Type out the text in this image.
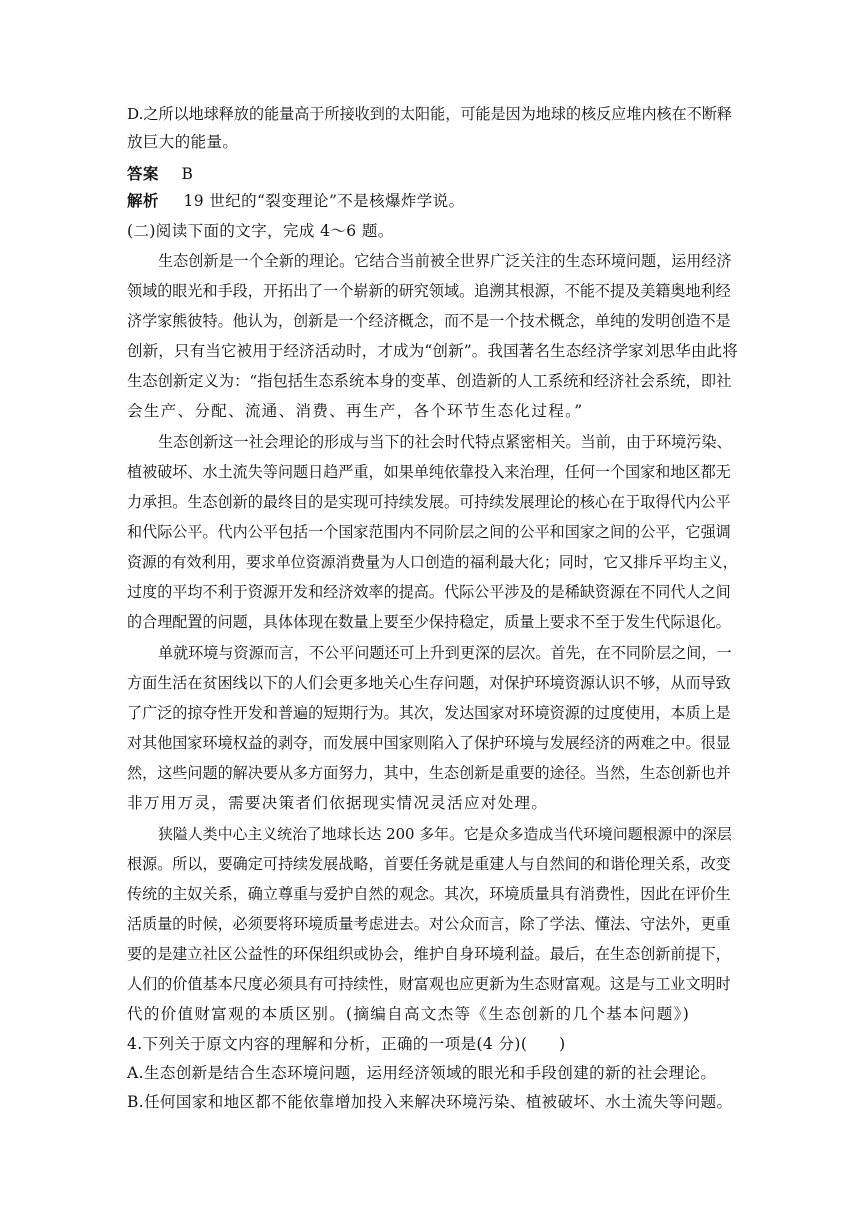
D.之所以地球释放的能量高于所接收到的太阳能，可能是因为地球的核反应堆内核在不断释
放巨大的能量。
答案 B
解析 19 世纪的“裂变理论”不是核爆炸学说。
(二)阅读下面的文字，完成 4～6 题。
生态创新是一个全新的理论。它结合当前被全世界广泛关注的生态环境问题，运用经济
领域的眼光和手段，开拓出了一个崭新的研究领域。追溯其根源，不能不提及美籍奥地利经
济学家熊彼特。他认为，创新是一个经济概念，而不是一个技术概念，单纯的发明创造不是
创新，只有当它被用于经济活动时，才成为“创新”。我国著名生态经济学家刘思华由此将
生态创新定义为：“指包括生态系统本身的变革、创造新的人工系统和经济社会系统，即社
会生产、分配、流通、消费、再生产，各个环节生态化过程。”
生态创新这一社会理论的形成与当下的社会时代特点紧密相关。当前，由于环境污染、
植被破坏、水土流失等问题日趋严重，如果单纯依靠投入来治理，任何一个国家和地区都无
力承担。生态创新的最终目的是实现可持续发展。可持续发展理论的核心在于取得代内公平
和代际公平。代内公平包括一个国家范围内不同阶层之间的公平和国家之间的公平，它强调
资源的有效利用，要求单位资源消费量为人口创造的福利最大化；同时，它又排斥平均主义，
过度的平均不利于资源开发和经济效率的提高。代际公平涉及的是稀缺资源在不同代人之间
的合理配置的问题，具体体现在数量上要至少保持稳定，质量上要求不至于发生代际退化。
单就环境与资源而言，不公平问题还可上升到更深的层次。首先，在不同阶层之间，一
方面生活在贫困线以下的人们会更多地关心生存问题，对保护环境资源认识不够，从而导致
了广泛的掠夺性开发和普遍的短期行为。其次，发达国家对环境资源的过度使用，本质上是
对其他国家环境权益的剥夺，而发展中国家则陷入了保护环境与发展经济的两难之中。很显
然，这些问题的解决要从多方面努力，其中，生态创新是重要的途径。当然，生态创新也并
非万用万灵，需要决策者们依据现实情况灵活应对处理。
狭隘人类中心主义统治了地球长达 200 多年。它是众多造成当代环境问题根源中的深层
根源。所以，要确定可持续发展战略，首要任务就是重建人与自然间的和谐伦理关系，改变
传统的主奴关系，确立尊重与爱护自然的观念。其次，环境质量具有消费性，因此在评价生
活质量的时候，必须要将环境质量考虑进去。对公众而言，除了学法、懂法、守法外，更重
要的是建立社区公益性的环保组织或协会，维护自身环境利益。最后，在生态创新前提下，
人们的价值基本尺度必须具有可持续性，财富观也应更新为生态财富观。这是与工业文明时
代的价值财富观的本质区别。(摘编自高文杰等《生态创新的几个基本问题》)
4.下列关于原文内容的理解和分析，正确的一项是(4 分)(　　)
A.生态创新是结合生态环境问题，运用经济领域的眼光和手段创建的新的社会理论。
B.任何国家和地区都不能依靠增加投入来解决环境污染、植被破坏、水土流失等问题。
